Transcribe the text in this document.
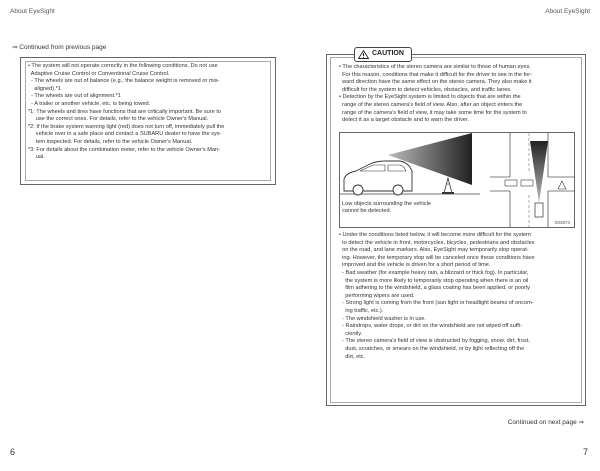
About EyeSight	About EyeSight
⇒ Continued from previous page
• The system will not operate correctly in the following conditions. Do not use
Adaptive Cruise Control or Conventional Cruise Control.
- The wheels are out of balance (e.g., the balance weight is removed or mis-
aligned).*1
- The wheels are out of alignment.*1
- A trailer or another vehicle, etc. is being towed.
*1: The wheels and tires have functions that are critically important. Be sure to
use the correct ones. For details, refer to the vehicle Owner's Manual.
*2: If the brake system warning light (red) does not turn off, immediately pull the
vehicle over in a safe place and contact a SUBARU dealer to have the sys-
tem inspected. For details, refer to the vehicle Owner's Manual.
*3: For details about the combination meter, refer to the vehicle Owner's Man-
ual.
CAUTION
• The characteristics of the stereo camera are similar to those of human eyes.
For this reason, conditions that make it difficult for the driver to see in the for-
ward direction have the same effect on the stereo camera. They also make it
difficult for the system to detect vehicles, obstacles, and traffic lanes.
• Detection by the EyeSight system is limited to objects that are within the
range of the stereo camera's field of view. Also, after an object enters the
range of the camera's field of view, it may take some time for the system to
detect it as a target obstacle and to warn the driver.
Low objects surrounding the vehicle
cannot be detected.
S03873
• Under the conditions listed below, it will become more difficult for the system
to detect the vehicle in front, motorcycles, bicycles, pedestrians and obstacles
on the road, and lane markers. Also, EyeSight may temporarily stop operat-
ing. However, the temporary stop will be canceled once these conditions have
improved and the vehicle is driven for a short period of time.
- Bad weather (for example heavy rain, a blizzard or thick fog). In particular,
the system is more likely to temporarily stop operating when there is an oil
film adhering to the windshield, a glass coating has been applied, or poorly
performing wipers are used.
- Strong light is coming from the front (sun light or headlight beams of oncom-
ing traffic, etc.).
- The windshield washer is in use.
- Raindrops, water drops, or dirt on the windshield are not wiped off suffi-
ciently.
- The stereo camera's field of view is obstructed by fogging, snow, dirt, frost,
dust, scratches, or smears on the windshield, or by light reflecting off the
dirt, etc.
Continued on next page ⇒
6	7
